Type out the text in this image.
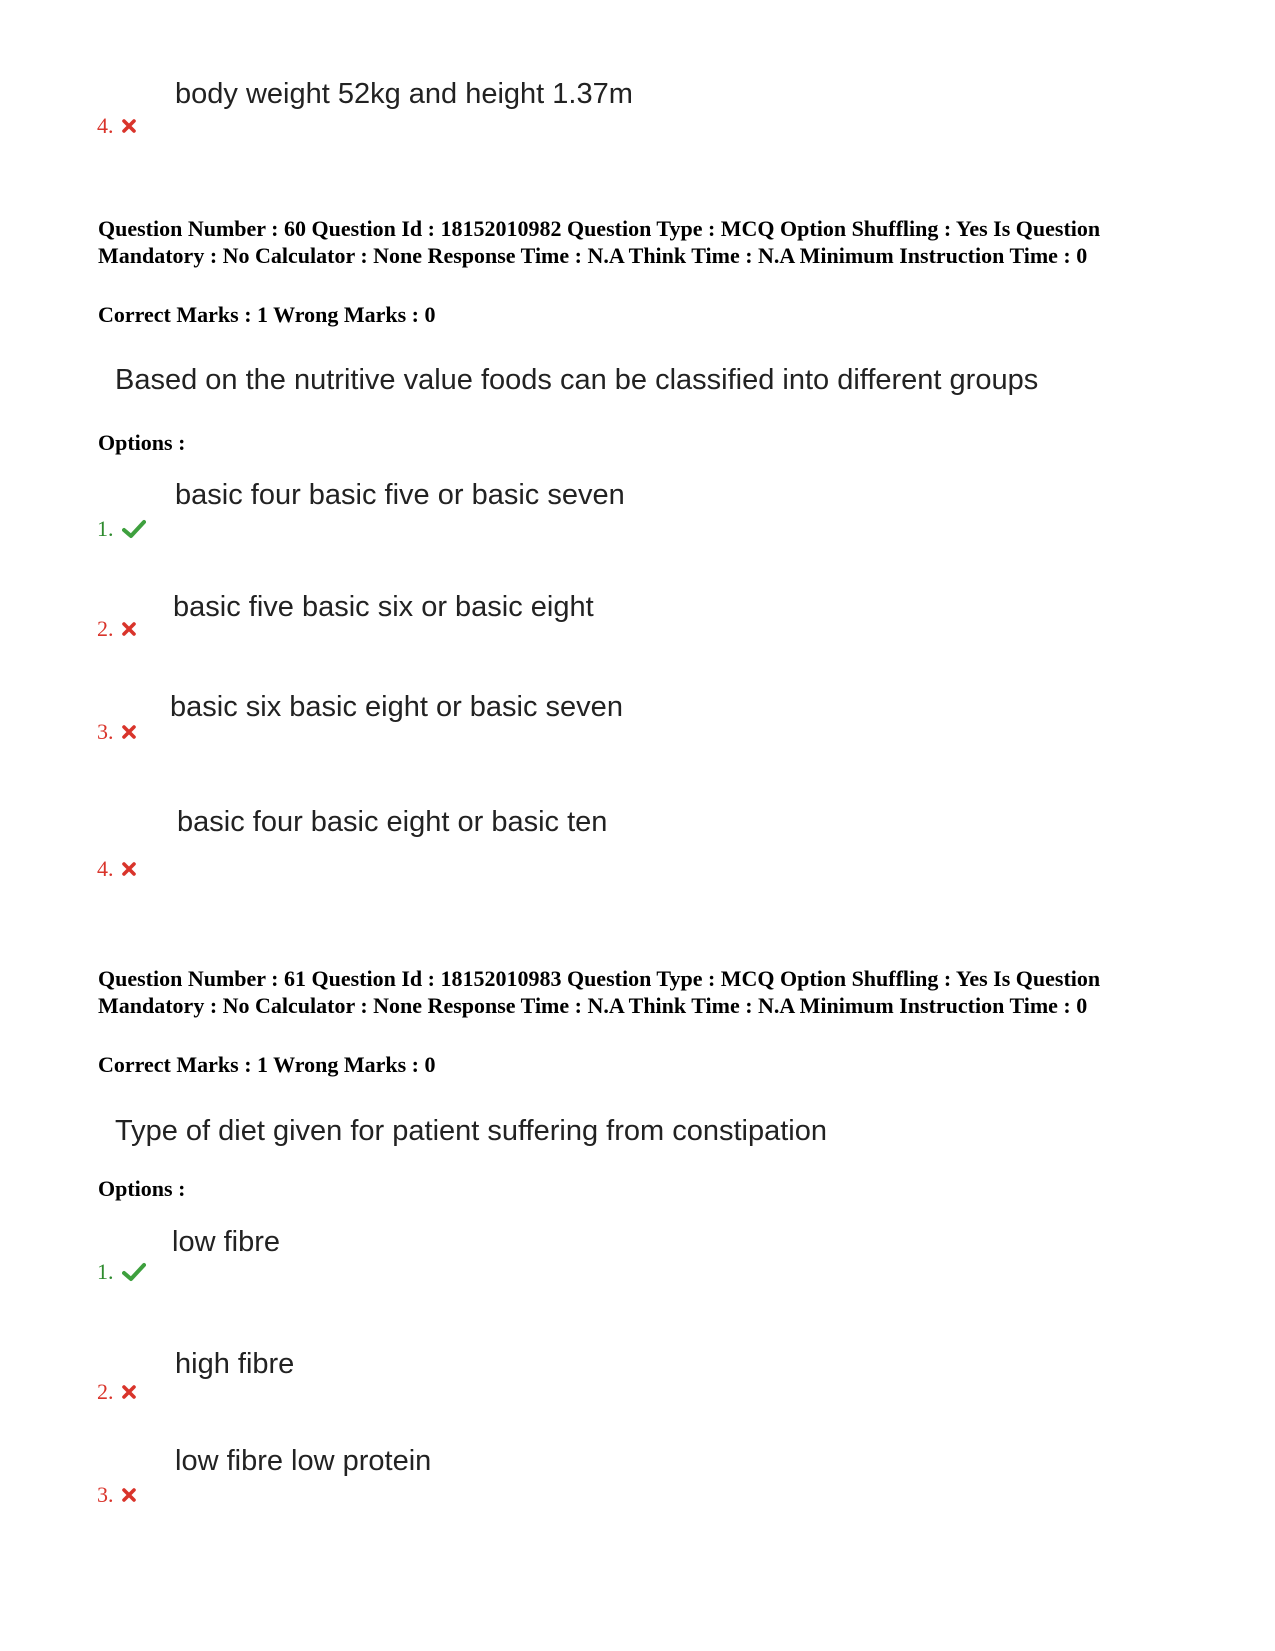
body weight 52kg and height 1.37m
4.

Question Number : 60 Question Id : 18152010982 Question Type : MCQ Option Shuffling : Yes Is Question Mandatory : No Calculator : None Response Time : N.A Think Time : N.A Minimum Instruction Time : 0

Correct Marks : 1 Wrong Marks : 0
Based on the nutritive value foods can be classified into different groups
Options :
basic four basic five or basic seven
1.
basic five basic six or basic eight
2.
basic six basic eight or basic seven
3.
basic four basic eight or basic ten
4.

Question Number : 61 Question Id : 18152010983 Question Type : MCQ Option Shuffling : Yes Is Question Mandatory : No Calculator : None Response Time : N.A Think Time : N.A Minimum Instruction Time : 0

Correct Marks : 1 Wrong Marks : 0
Type of diet given for patient suffering from constipation
Options :
low fibre
1.
high fibre
2.
low fibre low protein
3.
